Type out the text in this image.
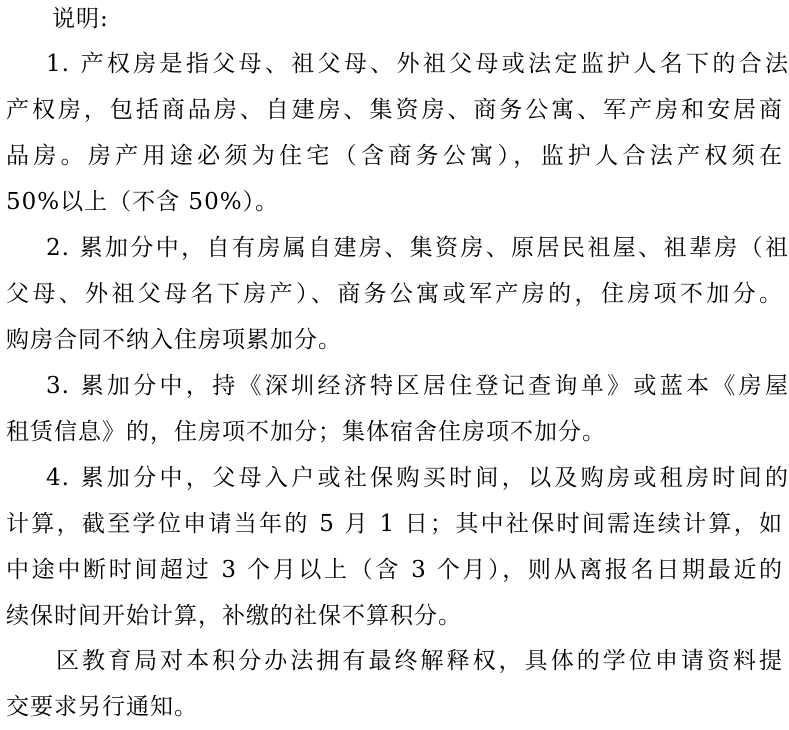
说明:
1. 产权房是指父母、祖父母、外祖父母或法定监护人名下的合法
产权房，包括商品房、自建房、集资房、商务公寓、军产房和安居商
品房。房产用途必须为住宅（含商务公寓），监护人合法产权须在
50%以上（不含 50%）。
2. 累加分中，自有房属自建房、集资房、原居民祖屋、祖辈房（祖
父母、外祖父母名下房产）、商务公寓或军产房的，住房项不加分。
购房合同不纳入住房项累加分。
3. 累加分中，持《深圳经济特区居住登记查询单》或蓝本《房屋
租赁信息》的，住房项不加分；集体宿舍住房项不加分。
4. 累加分中，父母入户或社保购买时间，以及购房或租房时间的
计算，截至学位申请当年的 5 月 1 日；其中社保时间需连续计算，如
中途中断时间超过 3 个月以上（含 3 个月），则从离报名日期最近的
续保时间开始计算，补缴的社保不算积分。
区教育局对本积分办法拥有最终解释权，具体的学位申请资料提
交要求另行通知。
